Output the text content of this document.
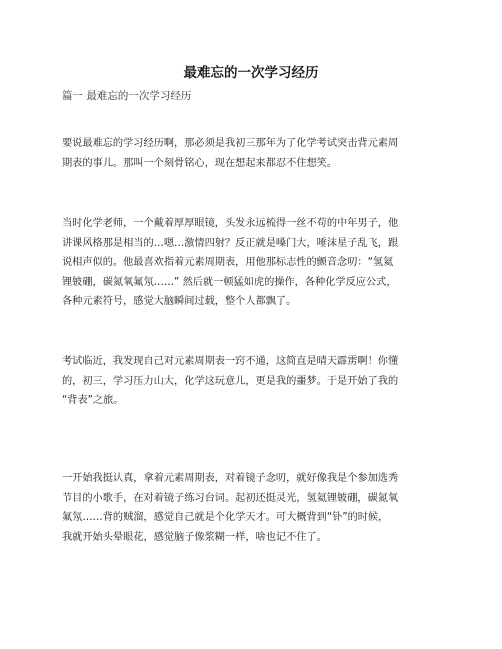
最难忘的一次学习经历
篇一 最难忘的一次学习经历

要说最难忘的学习经历啊，那必须是我初三那年为了化学考试突击背元素周
期表的事儿。那叫一个刻骨铭心，现在想起来都忍不住想笑。

当时化学老师，一个戴着厚厚眼镜，头发永远梳得一丝不苟的中年男子，他
讲课风格那是相当的…嗯…激情四射？反正就是嗓门大，唾沫星子乱飞，跟
说相声似的。他最喜欢指着元素周期表，用他那标志性的颤音念叨：“氢氦
锂铍硼，碳氮氧氟氖……” 然后就一顿猛如虎的操作，各种化学反应公式，
各种元素符号，感觉大脑瞬间过载，整个人都飘了。

考试临近，我发现自己对元素周期表一窍不通，这简直是晴天霹雳啊！你懂
的，初三，学习压力山大，化学这玩意儿，更是我的噩梦。于是开始了我的
“背表”之旅。

一开始我挺认真，拿着元素周期表，对着镜子念叨，就好像我是个参加选秀
节目的小歌手，在对着镜子练习台词。起初还挺灵光，氢氦锂铍硼，碳氮氧
氟氖……背的贼溜，感觉自己就是个化学天才。可大概背到“钋”的时候，
我就开始头晕眼花，感觉脑子像浆糊一样，啥也记不住了。
